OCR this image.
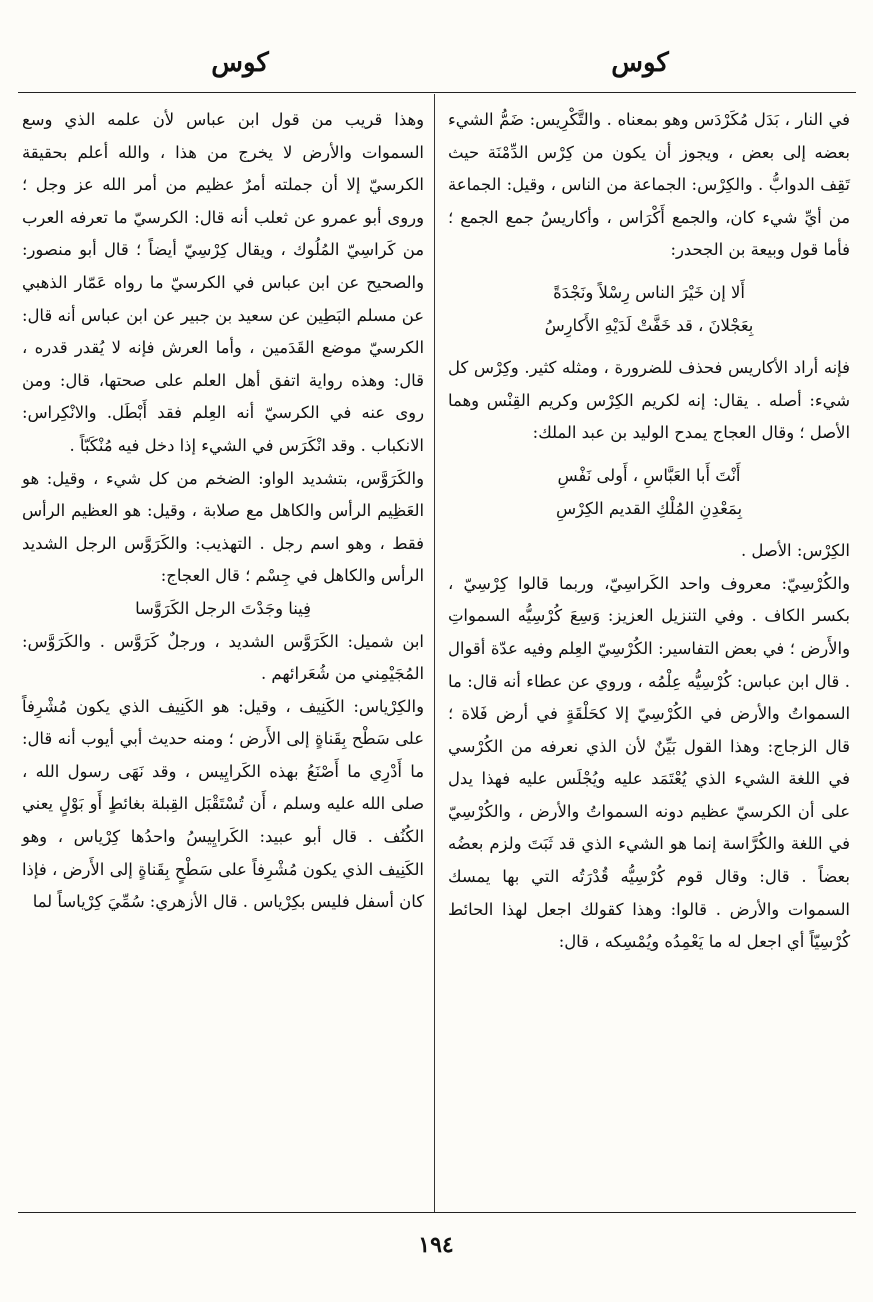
كوس
كوس

في النار ، بَدَل مُكَرْدَس وهو بمعناه . والتَّكْرِيس: ضَمُّ الشيء بعضه إلى بعض ، ويجوز أن يكون من كِرْس الدِّمْنَة حيث تَقِف الدوابُّ . والكِرْس: الجماعة من الناس ، وقيل: الجماعة من أيِّ شيء كان، والجمع أَكْرَاس ، وأكاريسُ جمع الجمع ؛ فأما قول وبيعة بن الجحدر:

أَلا إن خَيْرَ الناس رِسْلاً ونَجْدَةً

بِعَجْلانَ ، قد خَفَّتْ لَدَيْهِ الأَكارِسُ

فإنه أراد الأكاريس فحذف للضرورة ، ومثله كثير. وكِرْس كل شيء: أصله . يقال: إنه لكريم الكِرْس وكريم القِنْس وهما الأصل ؛ وقال العجاج يمدح الوليد بن عبد الملك:

أَنْتَ أَبا العَبَّاسِ ، أَولى نَفْسِ

بِمَعْدِنِ المُلْكِ القديم الكِرْسِ

الكِرْس: الأصل .

والكُرْسِيّ: معروف واحد الكَراسِيّ، وربما قالوا كِرْسِيّ ، بكسر الكاف . وفي التنزيل العزيز: وَسِعَ كُرْسِيُّه السمواتِ والأَرض ؛ في بعض التفاسير: الكُرْسِيّ العِلم وفيه عدّة أقوال . قال ابن عباس: كُرْسِيُّه عِلْمُه ، وروي عن عطاء أنه قال: ما السمواتُ والأرض في الكُرْسِيّ إلا كحَلْقَةٍ في أرض فَلاة ؛ قال الزجاج: وهذا القول بَيِّنٌ لأن الذي نعرفه من الكُرْسي في اللغة الشيء الذي يُعْتَمَد عليه ويُجْلَس عليه فهذا يدل على أن الكرسيّ عظيم دونه السمواتُ والأرض ، والكُرْسِيّ في اللغة والكُرَّاسة إنما هو الشيء الذي قد ثَبَتَ ولزم بعضُه بعضاً . قال: وقال قوم كُرْسِيُّه قُدْرَتُه التي بها يمسك السموات والأرض . قالوا: وهذا كقولك اجعل لهذا الحائط كُرْسِيّاً أي اجعل له ما يَعْمِدُه ويُمْسِكه ، قال:

وهذا قريب من قول ابن عباس لأن علمه الذي وسع السموات والأرض لا يخرج من هذا ، والله أعلم بحقيقة الكرسيّ إلا أن جملته أمرٌ عظيم من أمر الله عز وجل ؛ وروى أبو عمرو عن ثعلب أنه قال: الكرسيّ ما تعرفه العرب من كَراسِيّ المُلُوك ، ويقال كِرْسِيّ أيضاً ؛ قال أبو منصور: والصحيح عن ابن عباس في الكرسيّ ما رواه عَمّار الذهبي عن مسلم البَطِين عن سعيد بن جبير عن ابن عباس أنه قال: الكرسيّ موضع القَدَمين ، وأما العرش فإنه لا يُقدر قدره ، قال: وهذه رواية اتفق أهل العلم على صحتها، قال: ومن روى عنه في الكرسيّ أنه العِلم فقد أَبْطَل. والانْكِراس: الانكباب . وقد انْكَرَس في الشيء إذا دخل فيه مُنْكَبّاً .

والكَرَوَّس، بتشديد الواو: الضخم من كل شيء ، وقيل: هو العَظِيم الرأس والكاهل مع صلابة ، وقيل: هو العظيم الرأس فقط ، وهو اسم رجل . التهذيب: والكَرَوَّس الرجل الشديد الرأس والكاهل في جِسْم ؛ قال العجاج:

فِينا وجَدْتَ الرجل الكَرَوَّسا

ابن شميل: الكَرَوَّس الشديد ، ورجلٌ كَرَوَّس . والكَرَوَّس: المُجَيْمِني من شُعَرائهم .

والكِرْياس: الكَنِيف ، وقيل: هو الكَنِيف الذي يكون مُشْرِفاً على سَطْح بِقَناةٍ إلى الأَرض ؛ ومنه حديث أبي أيوب أنه قال: ما أَدْرِي ما أَصْنَعُ بهذه الكَرايِيس ، وقد نَهَى رسول الله ، صلى الله عليه وسلم ، أَن تُسْتَقْبَل القِبلة بغائطٍ أَو بَوْلٍ يعني الكُنُف . قال أبو عبيد: الكَرايِيسُ واحدُها كِرْياس ، وهو الكَنِيف الذي يكون مُشْرِفاً على سَطْحٍ بِقَناةٍ إلى الأَرض ، فإذا كان أسفل فليس بكِرْياس . قال الأزهري: سُمِّيَ كِرْياساً لما

١٩٤
